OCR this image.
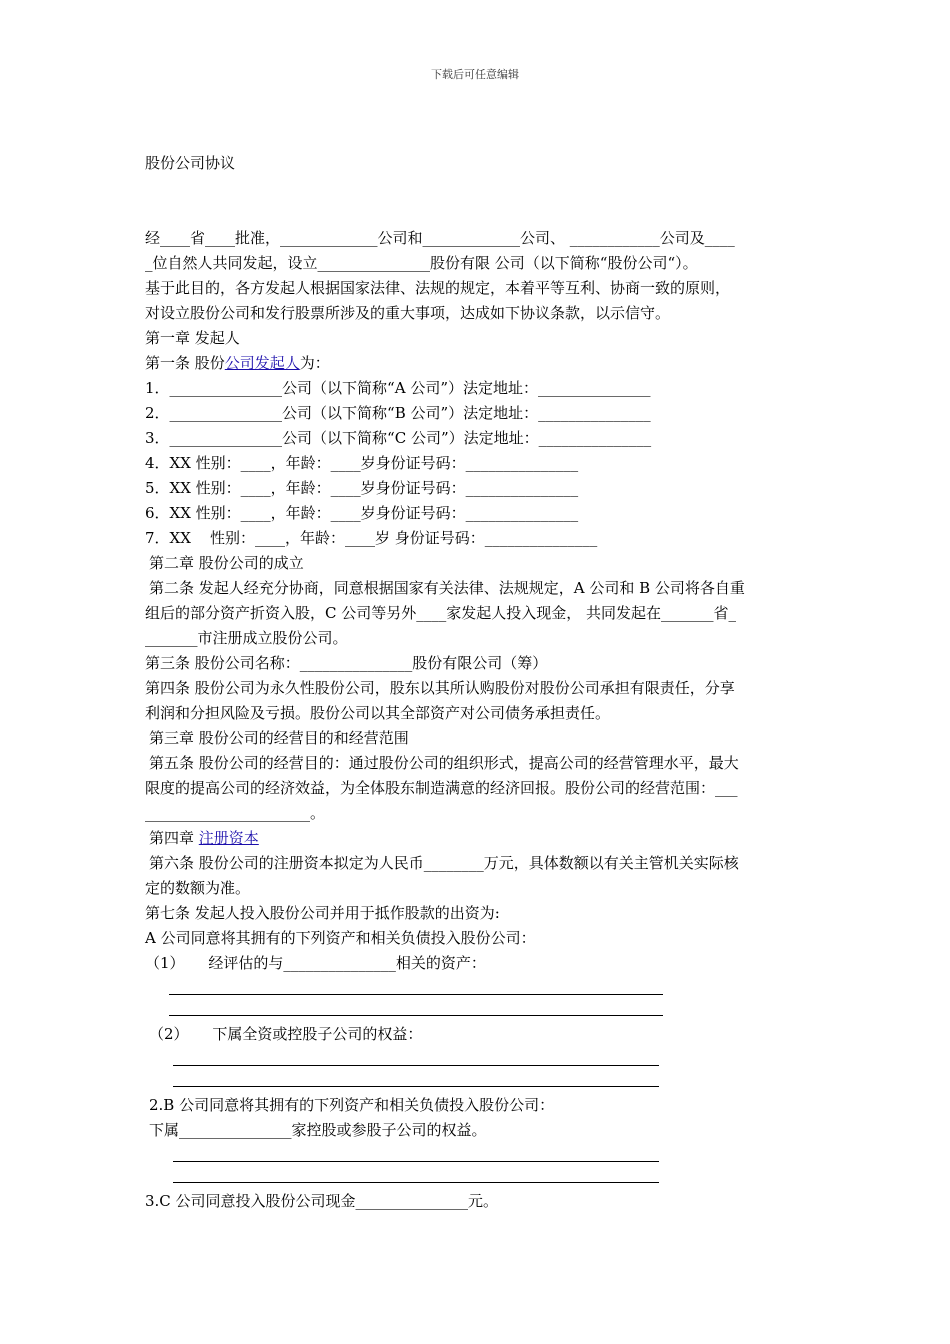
下载后可任意编辑
股份公司协议

经____省____批准，_____________公司和_____________公司、 ____________公司及____

_位自然人共同发起，设立_______________股份有限 公司（以下简称“股份公司“）。

基于此目的，各方发起人根据国家法律、法规的规定，本着平等互利、协商一致的原则，

对设立股份公司和发行股票所涉及的重大事项，达成如下协议条款，以示信守。

第一章 发起人

第一条 股份公司发起人为：

1．_______________公司（以下简称“A 公司”）法定地址：_______________

2．_______________公司（以下简称“B 公司”）法定地址：_______________

3．_______________公司（以下简称“C 公司”）法定地址：_______________

4．XX 性别：____，年龄：____岁身份证号码：_______________

5．XX 性别：____，年龄：____岁身份证号码：_______________

6．XX 性别：____，年龄：____岁身份证号码：_______________

7．XX    性别：____，年龄：____岁 身份证号码：_______________

第二章 股份公司的成立

第二条 发起人经充分协商，同意根据国家有关法律、法规规定，A 公司和 B 公司将各自重

组后的部分资产折资入股，C 公司等另外____家发起人投入现金， 共同发起在_______省_

_______市注册成立股份公司。

第三条 股份公司名称：_______________股份有限公司（筹）

第四条 股份公司为永久性股份公司，股东以其所认购股份对股份公司承担有限责任，分享

利润和分担风险及亏损。股份公司以其全部资产对公司债务承担责任。

第三章 股份公司的经营目的和经营范围

第五条 股份公司的经营目的：通过股份公司的组织形式，提高公司的经营管理水平，最大

限度的提高公司的经济效益，为全体股东制造满意的经济回报。股份公司的经营范围：___

______________________。

第四章 注册资本

第六条 股份公司的注册资本拟定为人民币________万元，具体数额以有关主管机关实际核

定的数额为准。

第七条 发起人投入股份公司并用于抵作股款的出资为:

A 公司同意将其拥有的下列资产和相关负债投入股份公司：

（1）     经评估的与_______________相关的资产：

（2）     下属全资或控股子公司的权益：

2.B 公司同意将其拥有的下列资产和相关负债投入股份公司：

下属_______________家控股或参股子公司的权益。

3.C 公司同意投入股份公司现金_______________元。
